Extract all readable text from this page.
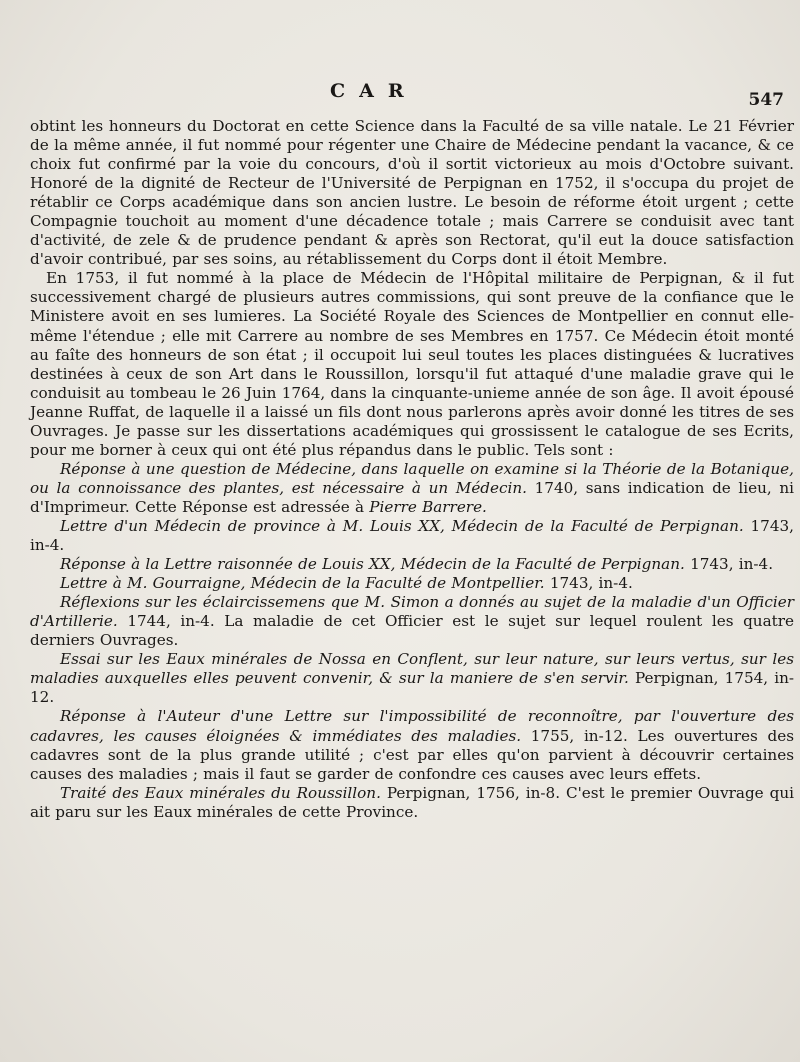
CAR	547

obtint les honneurs du Doctorat en cette Science dans la Faculté de sa ville natale. Le 21 Février de la même année, il fut nommé pour régenter une Chaire de Médecine pendant la vacance, & ce choix fut confirmé par la voie du concours, d'où il sortit victorieux au mois d'Octobre suivant. Honoré de la dignité de Recteur de l'Université de Perpignan en 1752, il s'occupa du projet de rétablir ce Corps académique dans son ancien lustre. Le besoin de réforme étoit urgent ; cette Compagnie touchoit au moment d'une décadence totale ; mais Carrere se conduisit avec tant d'activité, de zele & de prudence pendant & après son Rectorat, qu'il eut la douce satisfaction d'avoir contribué, par ses soins, au rétablissement du Corps dont il étoit Membre.

En 1753, il fut nommé à la place de Médecin de l'Hôpital militaire de Perpignan, & il fut successivement chargé de plusieurs autres commissions, qui sont preuve de la confiance que le Ministere avoit en ses lumieres. La Société Royale des Sciences de Montpellier en connut elle-même l'étendue ; elle mit Carrere au nombre de ses Membres en 1757. Ce Médecin étoit monté au faîte des honneurs de son état ; il occupoit lui seul toutes les places distinguées & lucratives destinées à ceux de son Art dans le Roussillon, lorsqu'il fut attaqué d'une maladie grave qui le conduisit au tombeau le 26 Juin 1764, dans la cinquante-unieme année de son âge. Il avoit épousé Jeanne Ruffat, de laquelle il a laissé un fils dont nous parlerons après avoir donné les titres de ses Ouvrages. Je passe sur les dissertations académiques qui grossissent le catalogue de ses Ecrits, pour me borner à ceux qui ont été plus répandus dans le public. Tels sont :

Réponse à une question de Médecine, dans laquelle on examine si la Théorie de la Botanique, ou la connoissance des plantes, est nécessaire à un Médecin. 1740, sans indication de lieu, ni d'Imprimeur. Cette Réponse est adressée à Pierre Barrere.

Lettre d'un Médecin de province à M. Louis XX, Médecin de la Faculté de Perpignan. 1743, in-4.

Réponse à la Lettre raisonnée de Louis XX, Médecin de la Faculté de Perpignan. 1743, in-4.

Lettre à M. Gourraigne, Médecin de la Faculté de Montpellier. 1743, in-4.

Réflexions sur les éclaircissemens que M. Simon a donnés au sujet de la maladie d'un Officier d'Artillerie. 1744, in-4. La maladie de cet Officier est le sujet sur lequel roulent les quatre derniers Ouvrages.

Essai sur les Eaux minérales de Nossa en Conflent, sur leur nature, sur leurs vertus, sur les maladies auxquelles elles peuvent convenir, & sur la maniere de s'en servir. Perpignan, 1754, in-12.

Réponse à l'Auteur d'une Lettre sur l'impossibilité de reconnoître, par l'ouverture des cadavres, les causes éloignées & immédiates des maladies. 1755, in-12. Les ouvertures des cadavres sont de la plus grande utilité ; c'est par elles qu'on parvient à découvrir certaines causes des maladies ; mais il faut se garder de confondre ces causes avec leurs effets.

Traité des Eaux minérales du Roussillon. Perpignan, 1756, in-8. C'est le premier Ouvrage qui ait paru sur les Eaux minérales de cette Province.
